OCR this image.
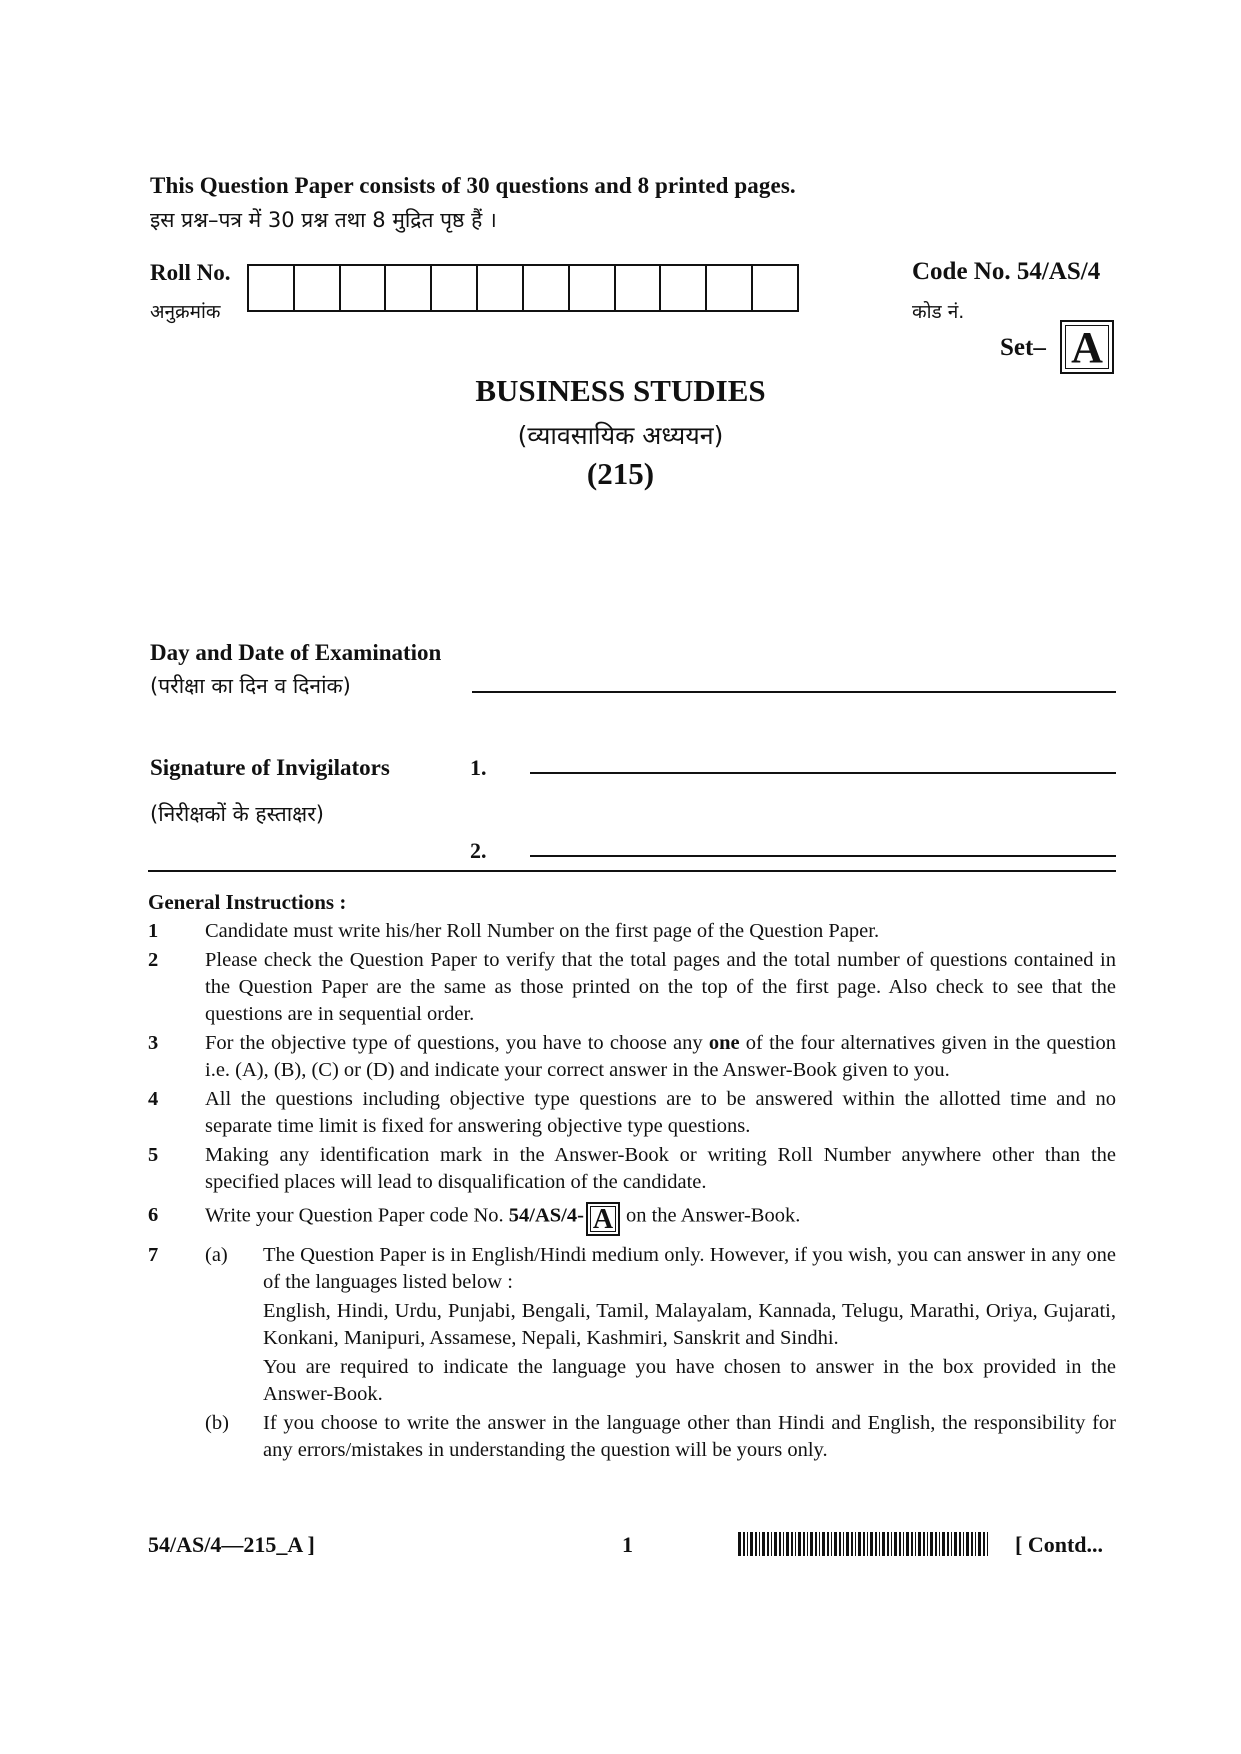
This Question Paper consists of 30 questions and 8 printed pages.
इस प्रश्न–पत्र में 30 प्रश्न तथा 8 मुद्रित पृष्ठ हैं ।
Roll No.
अनुक्रमांक
Code No. 54/AS/4
कोड नं.
Set– A
BUSINESS STUDIES
(व्यावसायिक अध्ययन)
(215)
Day and Date of Examination
(परीक्षा का दिन व दिनांक)
Signature of Invigilators
(निरीक्षकों के हस्ताक्षर)
1.
2.
General Instructions :
1	Candidate must write his/her Roll Number on the first page of the Question Paper.
2	Please check the Question Paper to verify that the total pages and the total number of questions contained in the Question Paper are the same as those printed on the top of the first page. Also check to see that the questions are in sequential order.
3	For the objective type of questions, you have to choose any one of the four alternatives given in the question i.e. (A), (B), (C) or (D) and indicate your correct answer in the Answer-Book given to you.
4	All the questions including objective type questions are to be answered within the allotted time and no separate time limit is fixed for answering objective type questions.
5	Making any identification mark in the Answer-Book or writing Roll Number anywhere other than the specified places will lead to disqualification of the candidate.
6	Write your Question Paper code No. 54/AS/4- A on the Answer-Book.
7	(a)	The Question Paper is in English/Hindi medium only. However, if you wish, you can answer in any one of the languages listed below :

English, Hindi, Urdu, Punjabi, Bengali, Tamil, Malayalam, Kannada, Telugu, Marathi, Oriya, Gujarati, Konkani, Manipuri, Assamese, Nepali, Kashmiri, Sanskrit and Sindhi.

You are required to indicate the language you have chosen to answer in the box provided in the Answer-Book.

(b)	If you choose to write the answer in the language other than Hindi and English, the responsibility for any errors/mistakes in understanding the question will be yours only.

54/AS/4—215_A ]	1	[ Contd...
